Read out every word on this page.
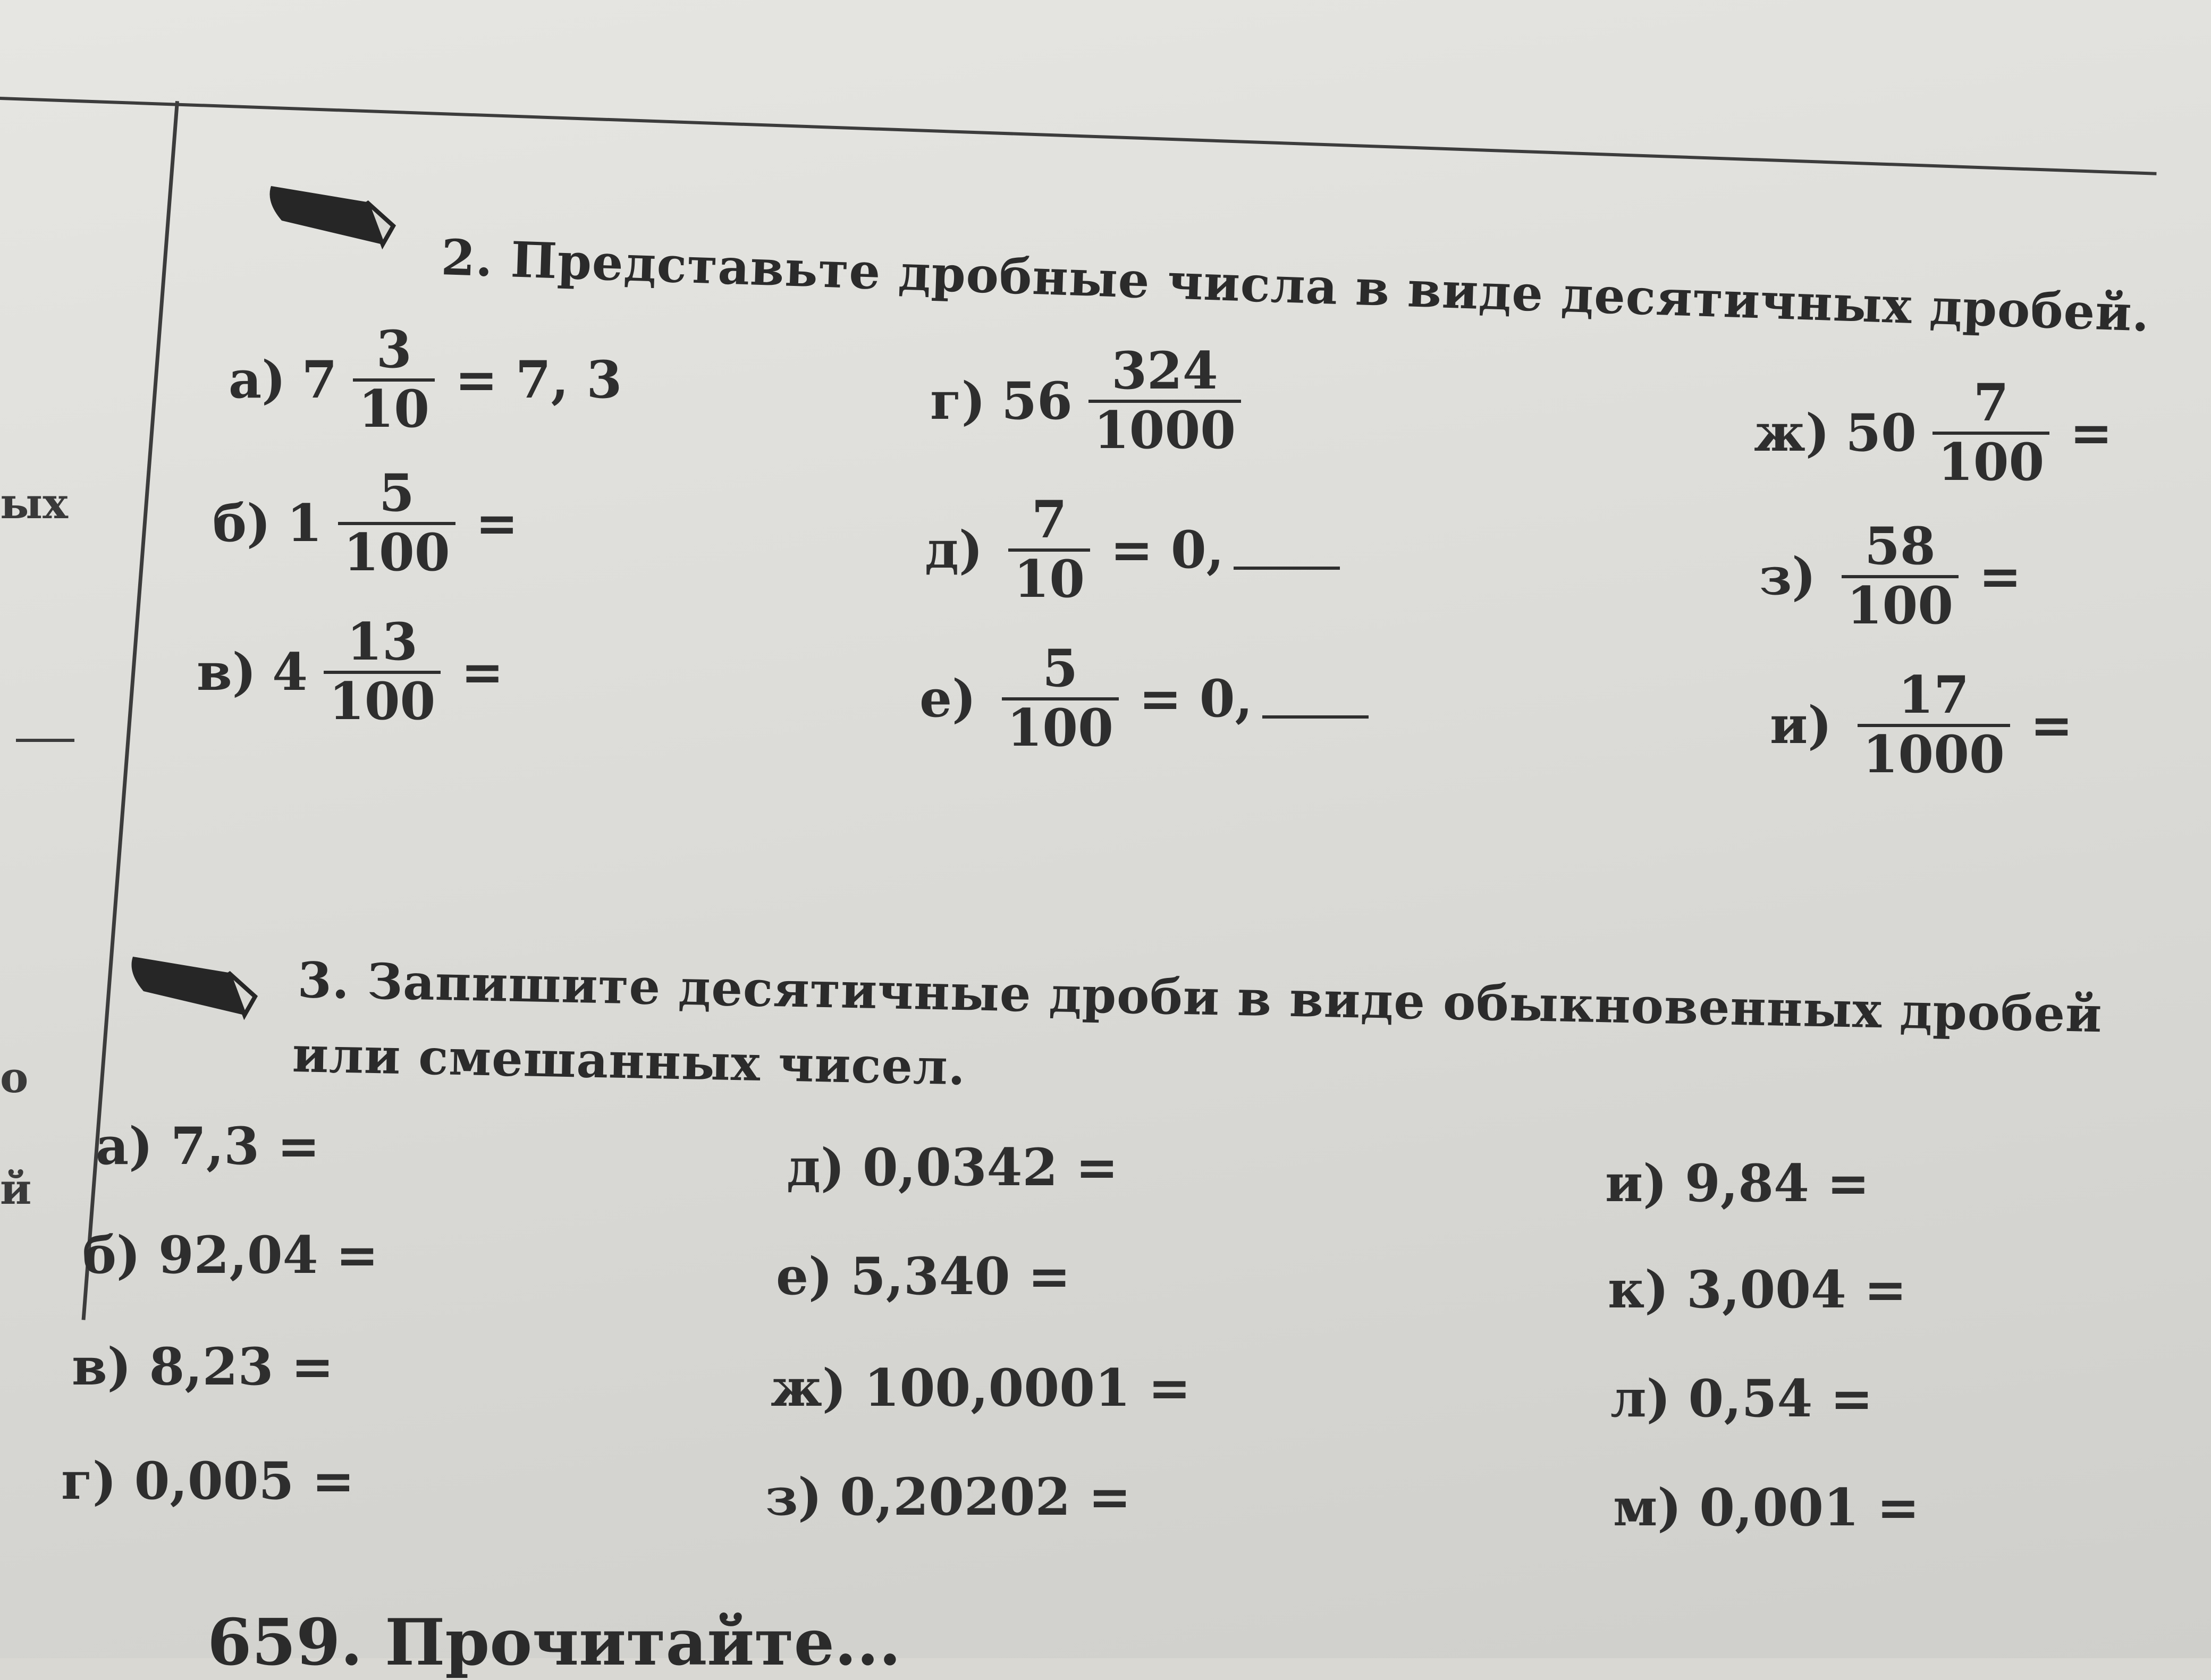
ых
о
й
2. Представьте дробные числа в виде десятичных дробей.
а) $7 \frac{3}{10} = 7$, 3
б) $1 \frac{5}{100}$ =
в) $4 \frac{13}{100}$ =
г) $56 \frac{324}{1000}$
$д) \frac{7}{10} = 0$,
$е) \frac{5}{100} = 0$,
ж) $50 \frac{7}{100}$ =
$з) \frac{58}{100}$ =
$и) \frac{17}{1000}$ =
3. Запишите десятичные дроби в виде обыкновенных дробей
или смешанных чисел.
а) 7,3 =
б) 92,04 =
в) 8,23 =
г) 0,005 =
д) 0,0342 =
е) 5,340 =
ж) 100,0001 =
з) 0,20202 =
и) 9,84 =
к) 3,004 =
л) 0,54 =
м) 0,001 =
659. Прочитайте...
